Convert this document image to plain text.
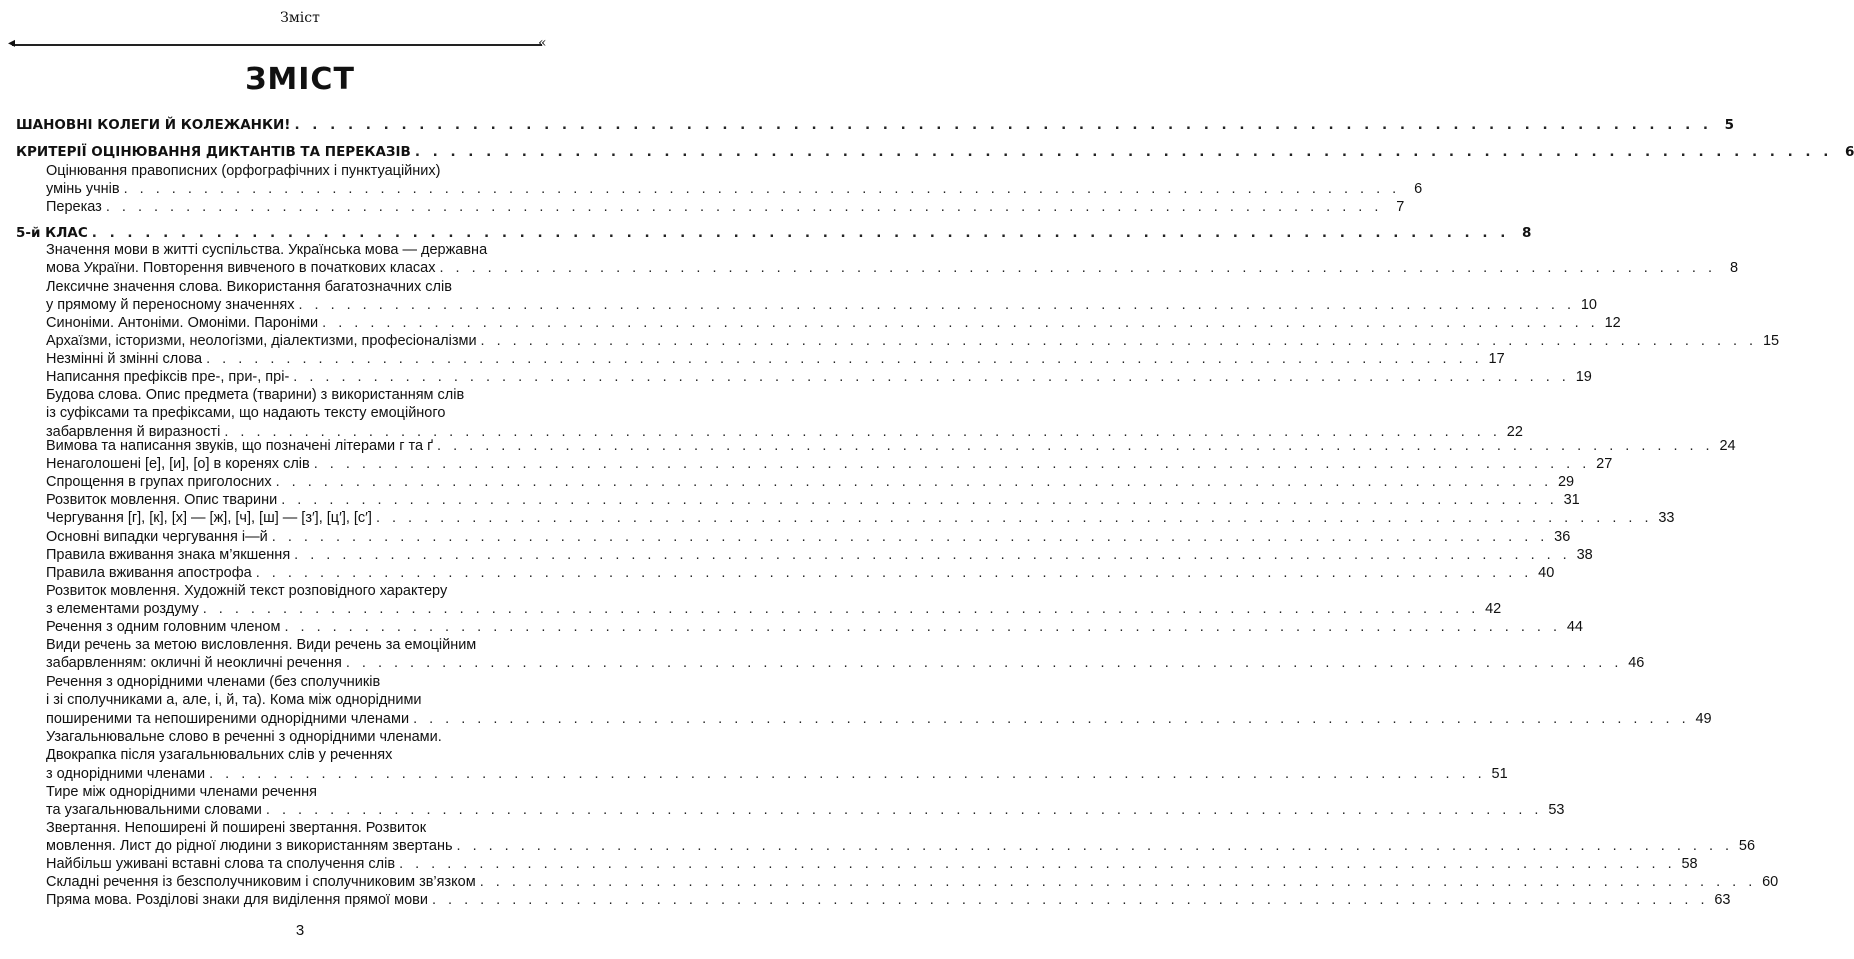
Зміст
◂	«
ЗМІСТ
ШАНОВНІ КОЛЕГИ Й КОЛЕЖАНКИ! . . . . . . . . . . . . . . . . . . . . . . . . . . . . . . . . . . . . . . . . . . . . . . . . . . . . . . . . . . . . . . . . . . . . . . . . . . . . . . . . 5
КРИТЕРІЇ ОЦІНЮВАННЯ ДИКТАНТІВ ТА ПЕРЕКАЗІВ . . . . . . . . . . . . . . . . . . . . . . . . . . . . . . . . . . . . . . . . . . . . . . . . . . . . . . . . . . . . . . . . . . . . . . . . . . . . . . . . 6
Оцінювання правописних (орфографічних і пунктуаційних)
умінь учнів . . . . . . . . . . . . . . . . . . . . . . . . . . . . . . . . . . . . . . . . . . . . . . . . . . . . . . . . . . . . . . . . . . . . . . . . . . . . . . . . 6
Переказ . . . . . . . . . . . . . . . . . . . . . . . . . . . . . . . . . . . . . . . . . . . . . . . . . . . . . . . . . . . . . . . . . . . . . . . . . . . . . . . . 7
5-й КЛАС . . . . . . . . . . . . . . . . . . . . . . . . . . . . . . . . . . . . . . . . . . . . . . . . . . . . . . . . . . . . . . . . . . . . . . . . . . . . . . . . 8
Значення мови в житті суспільства. Українська мова — державна
мова України. Повторення вивченого в початкових класах . . . . . . . . . . . . . . . . . . . . . . . . . . . . . . . . . . . . . . . . . . . . . . . . . . . . . . . . . . . . . . . . . . . . . . . . . . . . . . . . 8
Лексичне значення слова. Використання багатозначних слів
у прямому й переносному значеннях . . . . . . . . . . . . . . . . . . . . . . . . . . . . . . . . . . . . . . . . . . . . . . . . . . . . . . . . . . . . . . . . . . . . . . . . . . . . . . . . 10
Синоніми. Антоніми. Омоніми. Пароніми . . . . . . . . . . . . . . . . . . . . . . . . . . . . . . . . . . . . . . . . . . . . . . . . . . . . . . . . . . . . . . . . . . . . . . . . . . . . . . . . 12
Архаїзми, історизми, неологізми, діалектизми, професіоналізми . . . . . . . . . . . . . . . . . . . . . . . . . . . . . . . . . . . . . . . . . . . . . . . . . . . . . . . . . . . . . . . . . . . . . . . . . . . . . . . . 15
Незмінні й змінні слова . . . . . . . . . . . . . . . . . . . . . . . . . . . . . . . . . . . . . . . . . . . . . . . . . . . . . . . . . . . . . . . . . . . . . . . . . . . . . . . . 17
Написання префіксів пре-, при-, прі- . . . . . . . . . . . . . . . . . . . . . . . . . . . . . . . . . . . . . . . . . . . . . . . . . . . . . . . . . . . . . . . . . . . . . . . . . . . . . . . . 19
Будова слова. Опис предмета (тварини) з використанням слів
із суфіксами та префіксами, що надають тексту емоційного
забарвлення й виразності . . . . . . . . . . . . . . . . . . . . . . . . . . . . . . . . . . . . . . . . . . . . . . . . . . . . . . . . . . . . . . . . . . . . . . . . . . . . . . . . 22
Вимова та написання звуків, що позначені літерами г та ґ . . . . . . . . . . . . . . . . . . . . . . . . . . . . . . . . . . . . . . . . . . . . . . . . . . . . . . . . . . . . . . . . . . . . . . . . . . . . . . . . 24
Ненаголошені [е], [и], [о] в коренях слів . . . . . . . . . . . . . . . . . . . . . . . . . . . . . . . . . . . . . . . . . . . . . . . . . . . . . . . . . . . . . . . . . . . . . . . . . . . . . . . . 27
Спрощення в групах приголосних . . . . . . . . . . . . . . . . . . . . . . . . . . . . . . . . . . . . . . . . . . . . . . . . . . . . . . . . . . . . . . . . . . . . . . . . . . . . . . . . 29
Розвиток мовлення. Опис тварини . . . . . . . . . . . . . . . . . . . . . . . . . . . . . . . . . . . . . . . . . . . . . . . . . . . . . . . . . . . . . . . . . . . . . . . . . . . . . . . . 31
Чергування [г], [к], [х] — [ж], [ч], [ш] — [з′], [ц′], [с′] . . . . . . . . . . . . . . . . . . . . . . . . . . . . . . . . . . . . . . . . . . . . . . . . . . . . . . . . . . . . . . . . . . . . . . . . . . . . . . . . 33
Основні випадки чергування і—й . . . . . . . . . . . . . . . . . . . . . . . . . . . . . . . . . . . . . . . . . . . . . . . . . . . . . . . . . . . . . . . . . . . . . . . . . . . . . . . . 36
Правила вживання знака м’якшення . . . . . . . . . . . . . . . . . . . . . . . . . . . . . . . . . . . . . . . . . . . . . . . . . . . . . . . . . . . . . . . . . . . . . . . . . . . . . . . . 38
Правила вживання апострофа . . . . . . . . . . . . . . . . . . . . . . . . . . . . . . . . . . . . . . . . . . . . . . . . . . . . . . . . . . . . . . . . . . . . . . . . . . . . . . . . 40
Розвиток мовлення. Художній текст розповідного характеру
з елементами роздуму . . . . . . . . . . . . . . . . . . . . . . . . . . . . . . . . . . . . . . . . . . . . . . . . . . . . . . . . . . . . . . . . . . . . . . . . . . . . . . . . 42
Речення з одним головним членом . . . . . . . . . . . . . . . . . . . . . . . . . . . . . . . . . . . . . . . . . . . . . . . . . . . . . . . . . . . . . . . . . . . . . . . . . . . . . . . . 44
Види речень за метою висловлення. Види речень за емоційним
забарвленням: окличні й неокличні речення . . . . . . . . . . . . . . . . . . . . . . . . . . . . . . . . . . . . . . . . . . . . . . . . . . . . . . . . . . . . . . . . . . . . . . . . . . . . . . . . 46
Речення з однорідними членами (без сполучників
і зі сполучниками а, але, і, й, та). Кома між однорідними
поширеними та непоширеними однорідними членами . . . . . . . . . . . . . . . . . . . . . . . . . . . . . . . . . . . . . . . . . . . . . . . . . . . . . . . . . . . . . . . . . . . . . . . . . . . . . . . . 49
Узагальнювальне слово в реченні з однорідними членами.
Двокрапка після узагальнювальних слів у реченнях
з однорідними членами . . . . . . . . . . . . . . . . . . . . . . . . . . . . . . . . . . . . . . . . . . . . . . . . . . . . . . . . . . . . . . . . . . . . . . . . . . . . . . . . 51
Тире між однорідними членами речення
та узагальнювальними словами . . . . . . . . . . . . . . . . . . . . . . . . . . . . . . . . . . . . . . . . . . . . . . . . . . . . . . . . . . . . . . . . . . . . . . . . . . . . . . . . 53
Звертання. Непоширені й поширені звертання. Розвиток
мовлення. Лист до рідної людини з використанням звертань . . . . . . . . . . . . . . . . . . . . . . . . . . . . . . . . . . . . . . . . . . . . . . . . . . . . . . . . . . . . . . . . . . . . . . . . . . . . . . . . 56
Найбільш уживані вставні слова та сполучення слів . . . . . . . . . . . . . . . . . . . . . . . . . . . . . . . . . . . . . . . . . . . . . . . . . . . . . . . . . . . . . . . . . . . . . . . . . . . . . . . . 58
Складні речення із безсполучниковим і сполучниковим зв’язком . . . . . . . . . . . . . . . . . . . . . . . . . . . . . . . . . . . . . . . . . . . . . . . . . . . . . . . . . . . . . . . . . . . . . . . . . . . . . . . . 60
Пряма мова. Розділові знаки для виділення прямої мови . . . . . . . . . . . . . . . . . . . . . . . . . . . . . . . . . . . . . . . . . . . . . . . . . . . . . . . . . . . . . . . . . . . . . . . . . . . . . . . . 63
3
